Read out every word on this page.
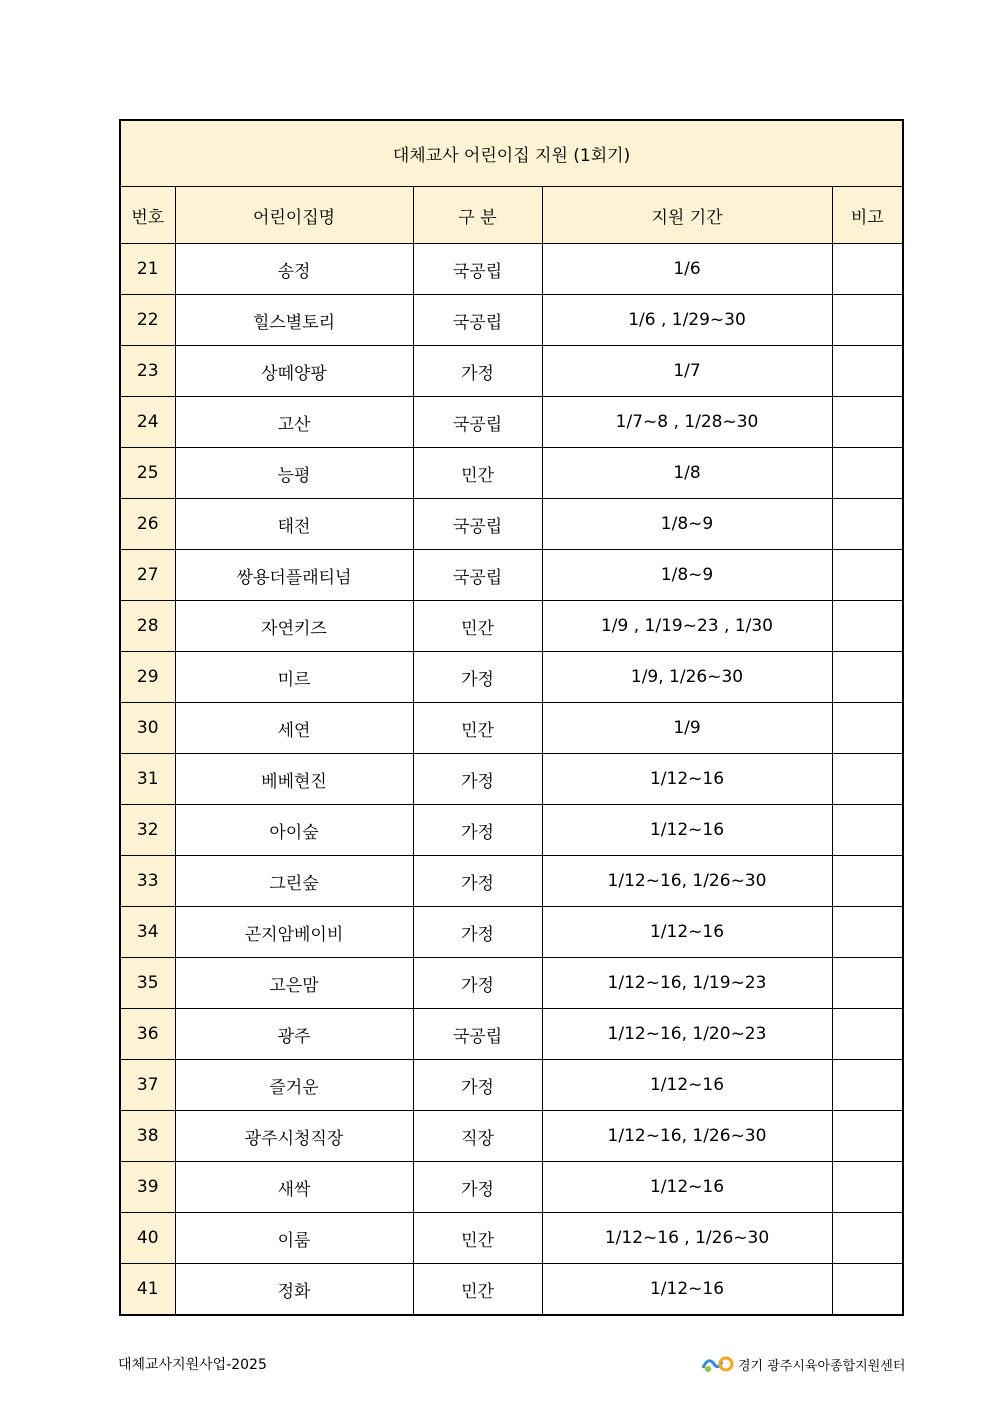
대체교사 어린이집 지원 (1회기)				
번호	어린이집명	구 분	지원 기간	비고
21	송정	국공립	1/6	
22	힐스별토리	국공립	1/6 , 1/29~30	
23	상떼양팡	가정	1/7	
24	고산	국공립	1/7~8 , 1/28~30	
25	능평	민간	1/8	
26	태전	국공립	1/8~9	
27	쌍용더플래티넘	국공립	1/8~9	
28	자연키즈	민간	1/9 , 1/19~23 , 1/30	
29	미르	가정	1/9, 1/26~30	
30	세연	민간	1/9	
31	베베현진	가정	1/12~16	
32	아이숲	가정	1/12~16	
33	그린숲	가정	1/12~16, 1/26~30	
34	곤지암베이비	가정	1/12~16	
35	고은맘	가정	1/12~16, 1/19~23	
36	광주	국공립	1/12~16, 1/20~23	
37	즐거운	가정	1/12~16	
38	광주시청직장	직장	1/12~16, 1/26~30	
39	새싹	가정	1/12~16	
40	이룸	민간	1/12~16 , 1/26~30	
41	정화	민간	1/12~16	
대체교사지원사업-2025	경기 광주시육아종합지원센터
